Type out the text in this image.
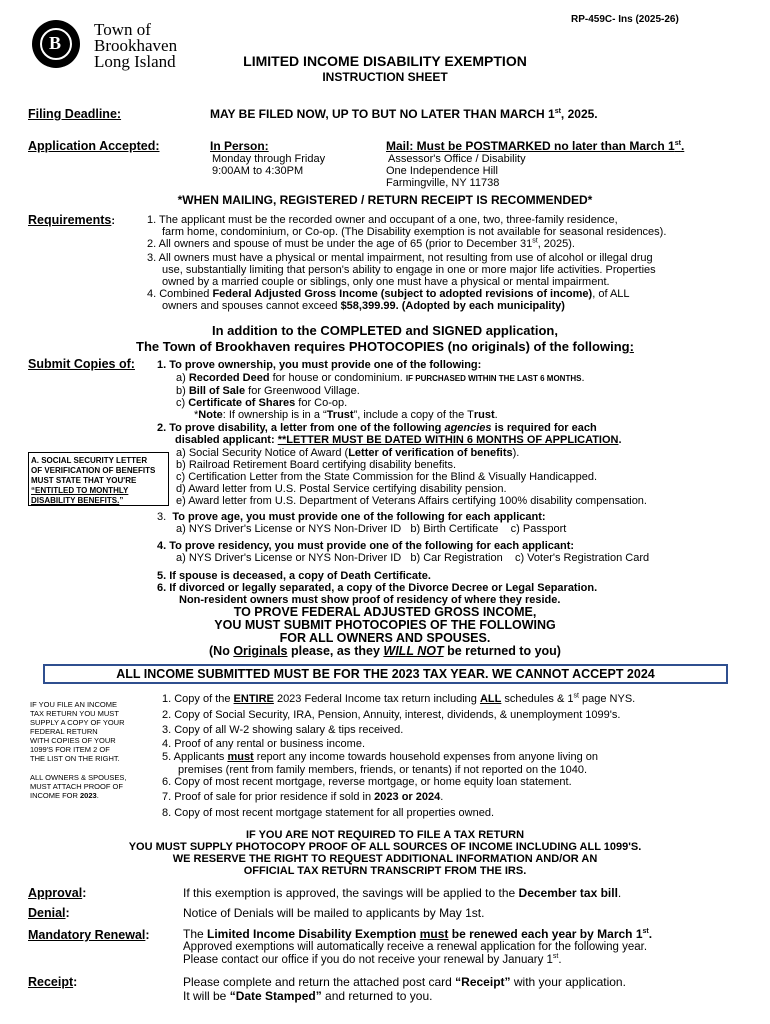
B
Town of
Brookhaven
Long Island
RP-459C- Ins (2025-26)
LIMITED INCOME DISABILITY EXEMPTION
INSTRUCTION SHEET
Filing Deadline:	MAY BE FILED NOW, UP TO BUT NO LATER THAN MARCH 1st, 2025.
Application Accepted:	In Person:
Monday through Friday
9:00AM to 4:30PM
Mail: Must be POSTMARKED no later than March 1st.
Assessor's Office / Disability
One Independence Hill
Farmingville, NY 11738
*WHEN MAILING, REGISTERED / RETURN RECEIPT IS RECOMMENDED*
Requirements:	1. The applicant must be the recorded owner and occupant of a one, two, three-family residence,
farm home, condominium, or Co-op. (The Disability exemption is not available for seasonal residences).
2. All owners and spouse of must be under the age of 65 (prior to December 31st, 2025).
3. All owners must have a physical or mental impairment, not resulting from use of alcohol or illegal drug
use, substantially limiting that person's ability to engage in one or more major life activities. Properties
owned by a married couple or siblings, only one must have a physical or mental impairment.
4. Combined Federal Adjusted Gross Income (subject to adopted revisions of income), of ALL
owners and spouses cannot exceed $58,399.99. (Adopted by each municipality)
In addition to the COMPLETED and SIGNED application,
The Town of Brookhaven requires PHOTOCOPIES (no originals) of the following:
Submit Copies of: 1. To prove ownership, you must provide one of the following:
a) Recorded Deed for house or condominium. IF PURCHASED WITHIN THE LAST 6 MONTHS.
b) Bill of Sale for Greenwood Village.
c) Certificate of Shares for Co-op.
*Note: If ownership is in a “Trust”, include a copy of the Trust.
2. To prove disability, a letter from one of the following agencies is required for each
disabled applicant: **LETTER MUST BE DATED WITHIN 6 MONTHS OF APPLICATION.
a) Social Security Notice of Award (Letter of verification of benefits).
b) Railroad Retirement Board certifying disability benefits.
c) Certification Letter from the State Commission for the Blind & Visually Handicapped.
d) Award letter from U.S. Postal Service certifying disability pension.
e) Award letter from U.S. Department of Veterans Affairs certifying 100% disability compensation.
A. SOCIAL SECURITY LETTER
OF VERIFICATION OF BENEFITS
MUST STATE THAT YOU'RE
“ENTITLED TO MONTHLY
DISABILITY BENEFITS.”
3. To prove age, you must provide one of the following for each applicant:
a) NYS Driver's License or NYS Non-Driver ID b) Birth Certificate c) Passport
4. To prove residency, you must provide one of the following for each applicant:
a) NYS Driver's License or NYS Non-Driver ID b) Car Registration c) Voter's Registration Card
5. If spouse is deceased, a copy of Death Certificate.
6. If divorced or legally separated, a copy of the Divorce Decree or Legal Separation.
Non-resident owners must show proof of residency of where they reside.
TO PROVE FEDERAL ADJUSTED GROSS INCOME,
YOU MUST SUBMIT PHOTOCOPIES OF THE FOLLOWING
FOR ALL OWNERS AND SPOUSES.
(No Originals please, as they WILL NOT be returned to you)
ALL INCOME SUBMITTED MUST BE FOR THE 2023 TAX YEAR. WE CANNOT ACCEPT 2024
IF YOU FILE AN INCOME
TAX RETURN YOU MUST
SUPPLY A COPY OF YOUR
FEDERAL RETURN
WITH COPIES OF YOUR
1099'S FOR ITEM 2 OF
THE LIST ON THE RIGHT.
ALL OWNERS & SPOUSES,
MUST ATTACH PROOF OF
INCOME FOR 2023.
1. Copy of the ENTIRE 2023 Federal Income tax return including ALL schedules & 1st page NYS.
2. Copy of Social Security, IRA, Pension, Annuity, interest, dividends, & unemployment 1099's.
3. Copy of all W-2 showing salary & tips received.
4. Proof of any rental or business income.
5. Applicants must report any income towards household expenses from anyone living on
premises (rent from family members, friends, or tenants) if not reported on the 1040.
6. Copy of most recent mortgage, reverse mortgage, or home equity loan statement.
7. Proof of sale for prior residence if sold in 2023 or 2024.
8. Copy of most recent mortgage statement for all properties owned.
IF YOU ARE NOT REQUIRED TO FILE A TAX RETURN
YOU MUST SUPPLY PHOTOCOPY PROOF OF ALL SOURCES OF INCOME INCLUDING ALL 1099'S.
WE RESERVE THE RIGHT TO REQUEST ADDITIONAL INFORMATION AND/OR AN
OFFICIAL TAX RETURN TRANSCRIPT FROM THE IRS.
Approval:	If this exemption is approved, the savings will be applied to the December tax bill.
Denial:	Notice of Denials will be mailed to applicants by May 1st.
Mandatory Renewal:	The Limited Income Disability Exemption must be renewed each year by March 1st.
Approved exemptions will automatically receive a renewal application for the following year.
Please contact our office if you do not receive your renewal by January 1st.
Receipt:	Please complete and return the attached post card “Receipt” with your application.
It will be “Date Stamped” and returned to you.
